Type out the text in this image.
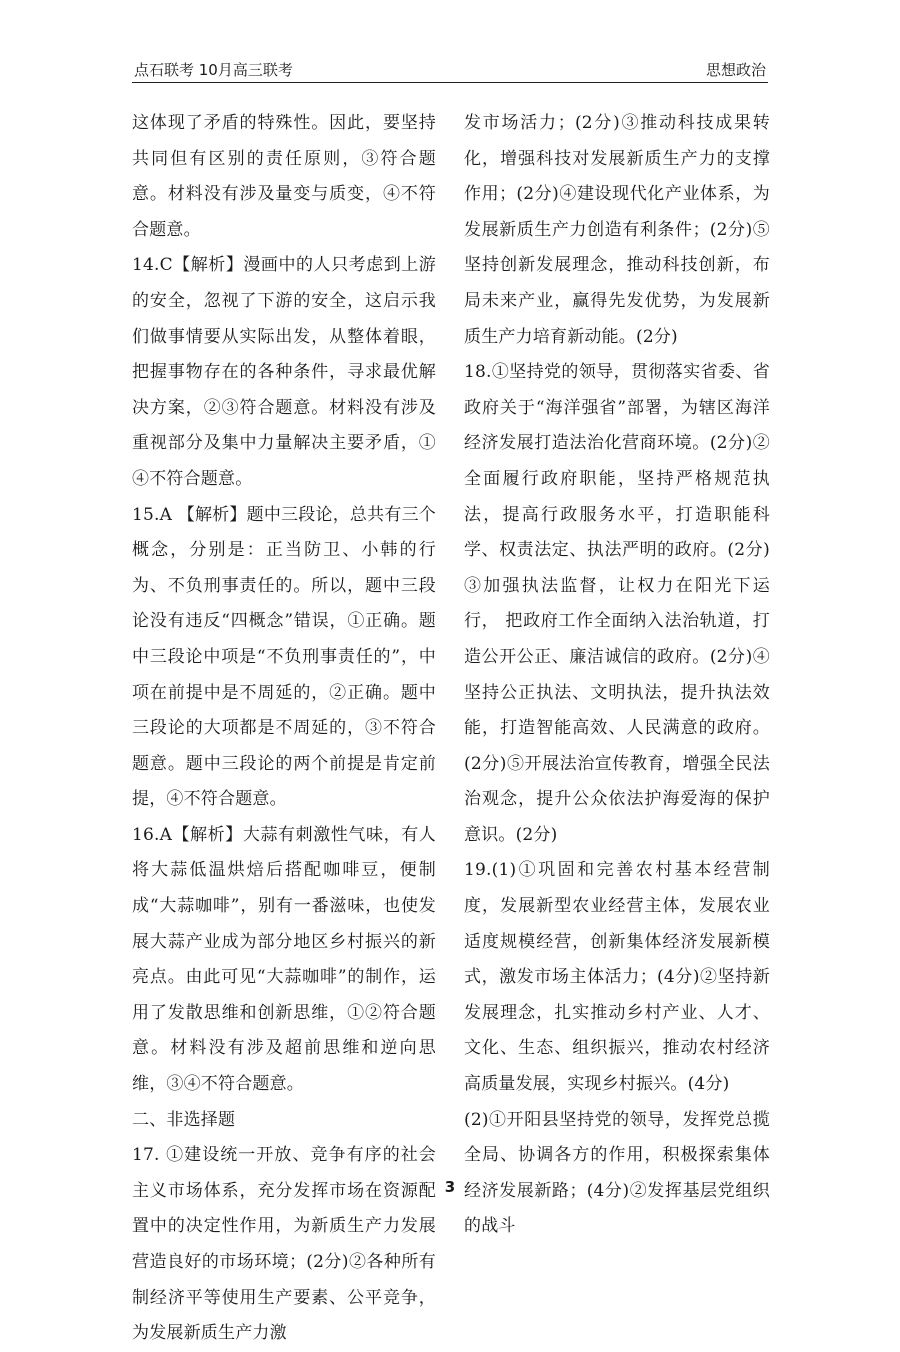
点石联考 10月高三联考	思想政治

这体现了矛盾的特殊性。因此，要坚持共同但有区别的责任原则，③符合题意。材料没有涉及量变与质变，④不符合题意。

14.C【解析】漫画中的人只考虑到上游的安全，忽视了下游的安全，这启示我们做事情要从实际出发，从整体着眼，把握事物存在的各种条件，寻求最优解决方案，②③符合题意。材料没有涉及重视部分及集中力量解决主要矛盾，①④不符合题意。

15.A 【解析】题中三段论，总共有三个概念，分别是：正当防卫、小韩的行为、不负刑事责任的。所以，题中三段论没有违反“四概念”错误，①正确。题中三段论中项是“不负刑事责任的”，中项在前提中是不周延的，②正确。题中三段论的大项都是不周延的，③不符合题意。题中三段论的两个前提是肯定前提，④不符合题意。

16.A【解析】大蒜有刺激性气味，有人将大蒜低温烘焙后搭配咖啡豆，便制成“大蒜咖啡”，别有一番滋味，也使发展大蒜产业成为部分地区乡村振兴的新亮点。由此可见“大蒜咖啡”的制作，运用了发散思维和创新思维，①②符合题意。材料没有涉及超前思维和逆向思维，③④不符合题意。

二、非选择题

17. ①建设统一开放、竞争有序的社会主义市场体系，充分发挥市场在资源配置中的决定性作用，为新质生产力发展营造良好的市场环境；(2分)②各种所有制经济平等使用生产要素、公平竞争，为发展新质生产力激

发市场活力；(2分)③推动科技成果转化，增强科技对发展新质生产力的支撑作用；(2分)④建设现代化产业体系，为发展新质生产力创造有利条件；(2分)⑤坚持创新发展理念，推动科技创新，布局未来产业，赢得先发优势，为发展新质生产力培育新动能。(2分)

18.①坚持党的领导，贯彻落实省委、省政府关于“海洋强省”部署，为辖区海洋经济发展打造法治化营商环境。(2分)②全面履行政府职能，坚持严格规范执法，提高行政服务水平，打造职能科学、权责法定、执法严明的政府。(2分)③加强执法监督，让权力在阳光下运行， 把政府工作全面纳入法治轨道，打造公开公正、廉洁诚信的政府。(2分)④坚持公正执法、文明执法，提升执法效能，打造智能高效、人民满意的政府。(2分)⑤开展法治宣传教育，增强全民法治观念，提升公众依法护海爱海的保护意识。(2分)

19.(1)①巩固和完善农村基本经营制度，发展新型农业经营主体，发展农业适度规模经营，创新集体经济发展新模式，激发市场主体活力；(4分)②坚持新发展理念，扎实推动乡村产业、人才、文化、生态、组织振兴，推动农村经济高质量发展，实现乡村振兴。(4分)

(2)①开阳县坚持党的领导，发挥党总揽全局、协调各方的作用，积极探索集体经济发展新路；(4分)②发挥基层党组织的战斗

3
